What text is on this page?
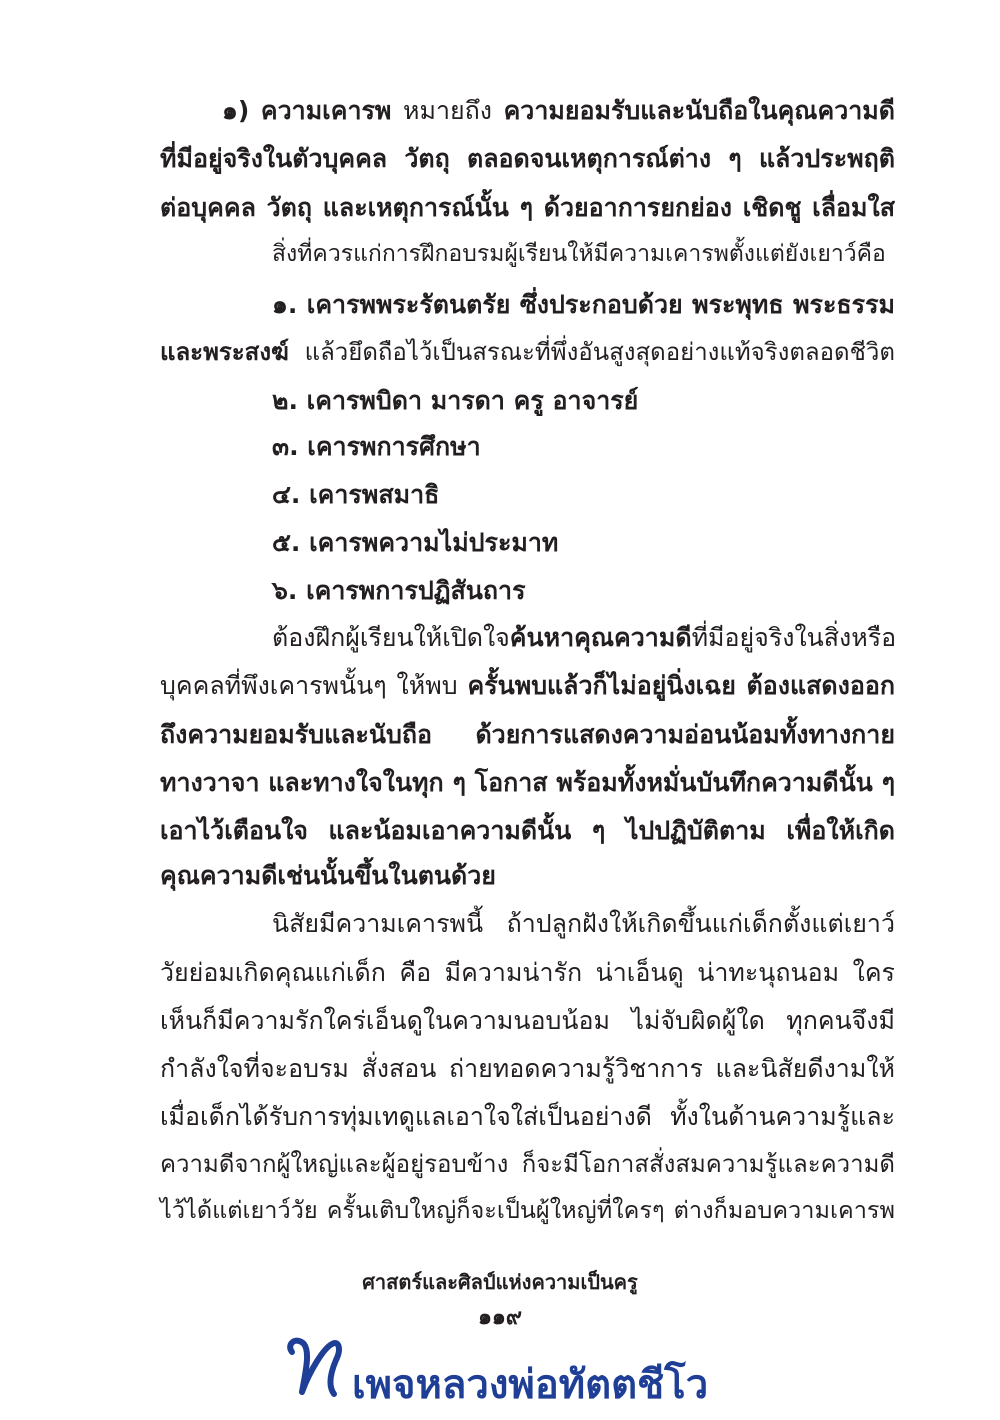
๑) ความเคารพ หมายถึง ความยอมรับและนับถือในคุณความดี
ที่มีอยู่จริงในตัวบุคคล วัตถุ ตลอดจนเหตุการณ์ต่าง ๆ แล้วประพฤติ
ต่อบุคคล วัตถุ และเหตุการณ์นั้น ๆ ด้วยอาการยกย่อง เชิดชู เลื่อมใส
สิ่งที่ควรแก่การฝึกอบรมผู้เรียนให้มีความเคารพตั้งแต่ยังเยาว์คือ
๑. เคารพพระรัตนตรัย ซึ่งประกอบด้วย พระพุทธ พระธรรม
และพระสงฆ์ แล้วยึดถือไว้เป็นสรณะที่พึ่งอันสูงสุดอย่างแท้จริงตลอดชีวิต
๒. เคารพบิดา มารดา ครู อาจารย์
๓. เคารพการศึกษา
๔. เคารพสมาธิ
๕. เคารพความไม่ประมาท
๖. เคารพการปฏิสันถาร
ต้องฝึกผู้เรียนให้เปิดใจค้นหาคุณความดีที่มีอยู่จริงในสิ่งหรือ
บุคคลที่พึงเคารพนั้นๆ ให้พบ ครั้นพบแล้วก็ไม่อยู่นิ่งเฉย ต้องแสดงออก
ถึงความยอมรับและนับถือ ด้วยการแสดงความอ่อนน้อมทั้งทางกาย
ทางวาจา และทางใจในทุก ๆ โอกาส พร้อมทั้งหมั่นบันทึกความดีนั้น ๆ
เอาไว้เตือนใจ และน้อมเอาความดีนั้น ๆ ไปปฏิบัติตาม เพื่อให้เกิด
คุณความดีเช่นนั้นขึ้นในตนด้วย
นิสัยมีความเคารพนี้ ถ้าปลูกฝังให้เกิดขึ้นแก่เด็กตั้งแต่เยาว์
วัยย่อมเกิดคุณแก่เด็ก คือ มีความน่ารัก น่าเอ็นดู น่าทะนุถนอม ใคร
เห็นก็มีความรักใคร่เอ็นดูในความนอบน้อม ไม่จับผิดผู้ใด ทุกคนจึงมี
กำลังใจที่จะอบรม สั่งสอน ถ่ายทอดความรู้วิชาการ และนิสัยดีงามให้
เมื่อเด็กได้รับการทุ่มเทดูแลเอาใจใส่เป็นอย่างดี ทั้งในด้านความรู้และ
ความดีจากผู้ใหญ่และผู้อยู่รอบข้าง ก็จะมีโอกาสสั่งสมความรู้และความดี
ไว้ได้แต่เยาว์วัย ครั้นเติบใหญ่ก็จะเป็นผู้ใหญ่ที่ใครๆ ต่างก็มอบความเคารพ
ศาสตร์และศิลป์แห่งความเป็นครู
๑๑๙
เพจหลวงพ่อทัตตชีโว
